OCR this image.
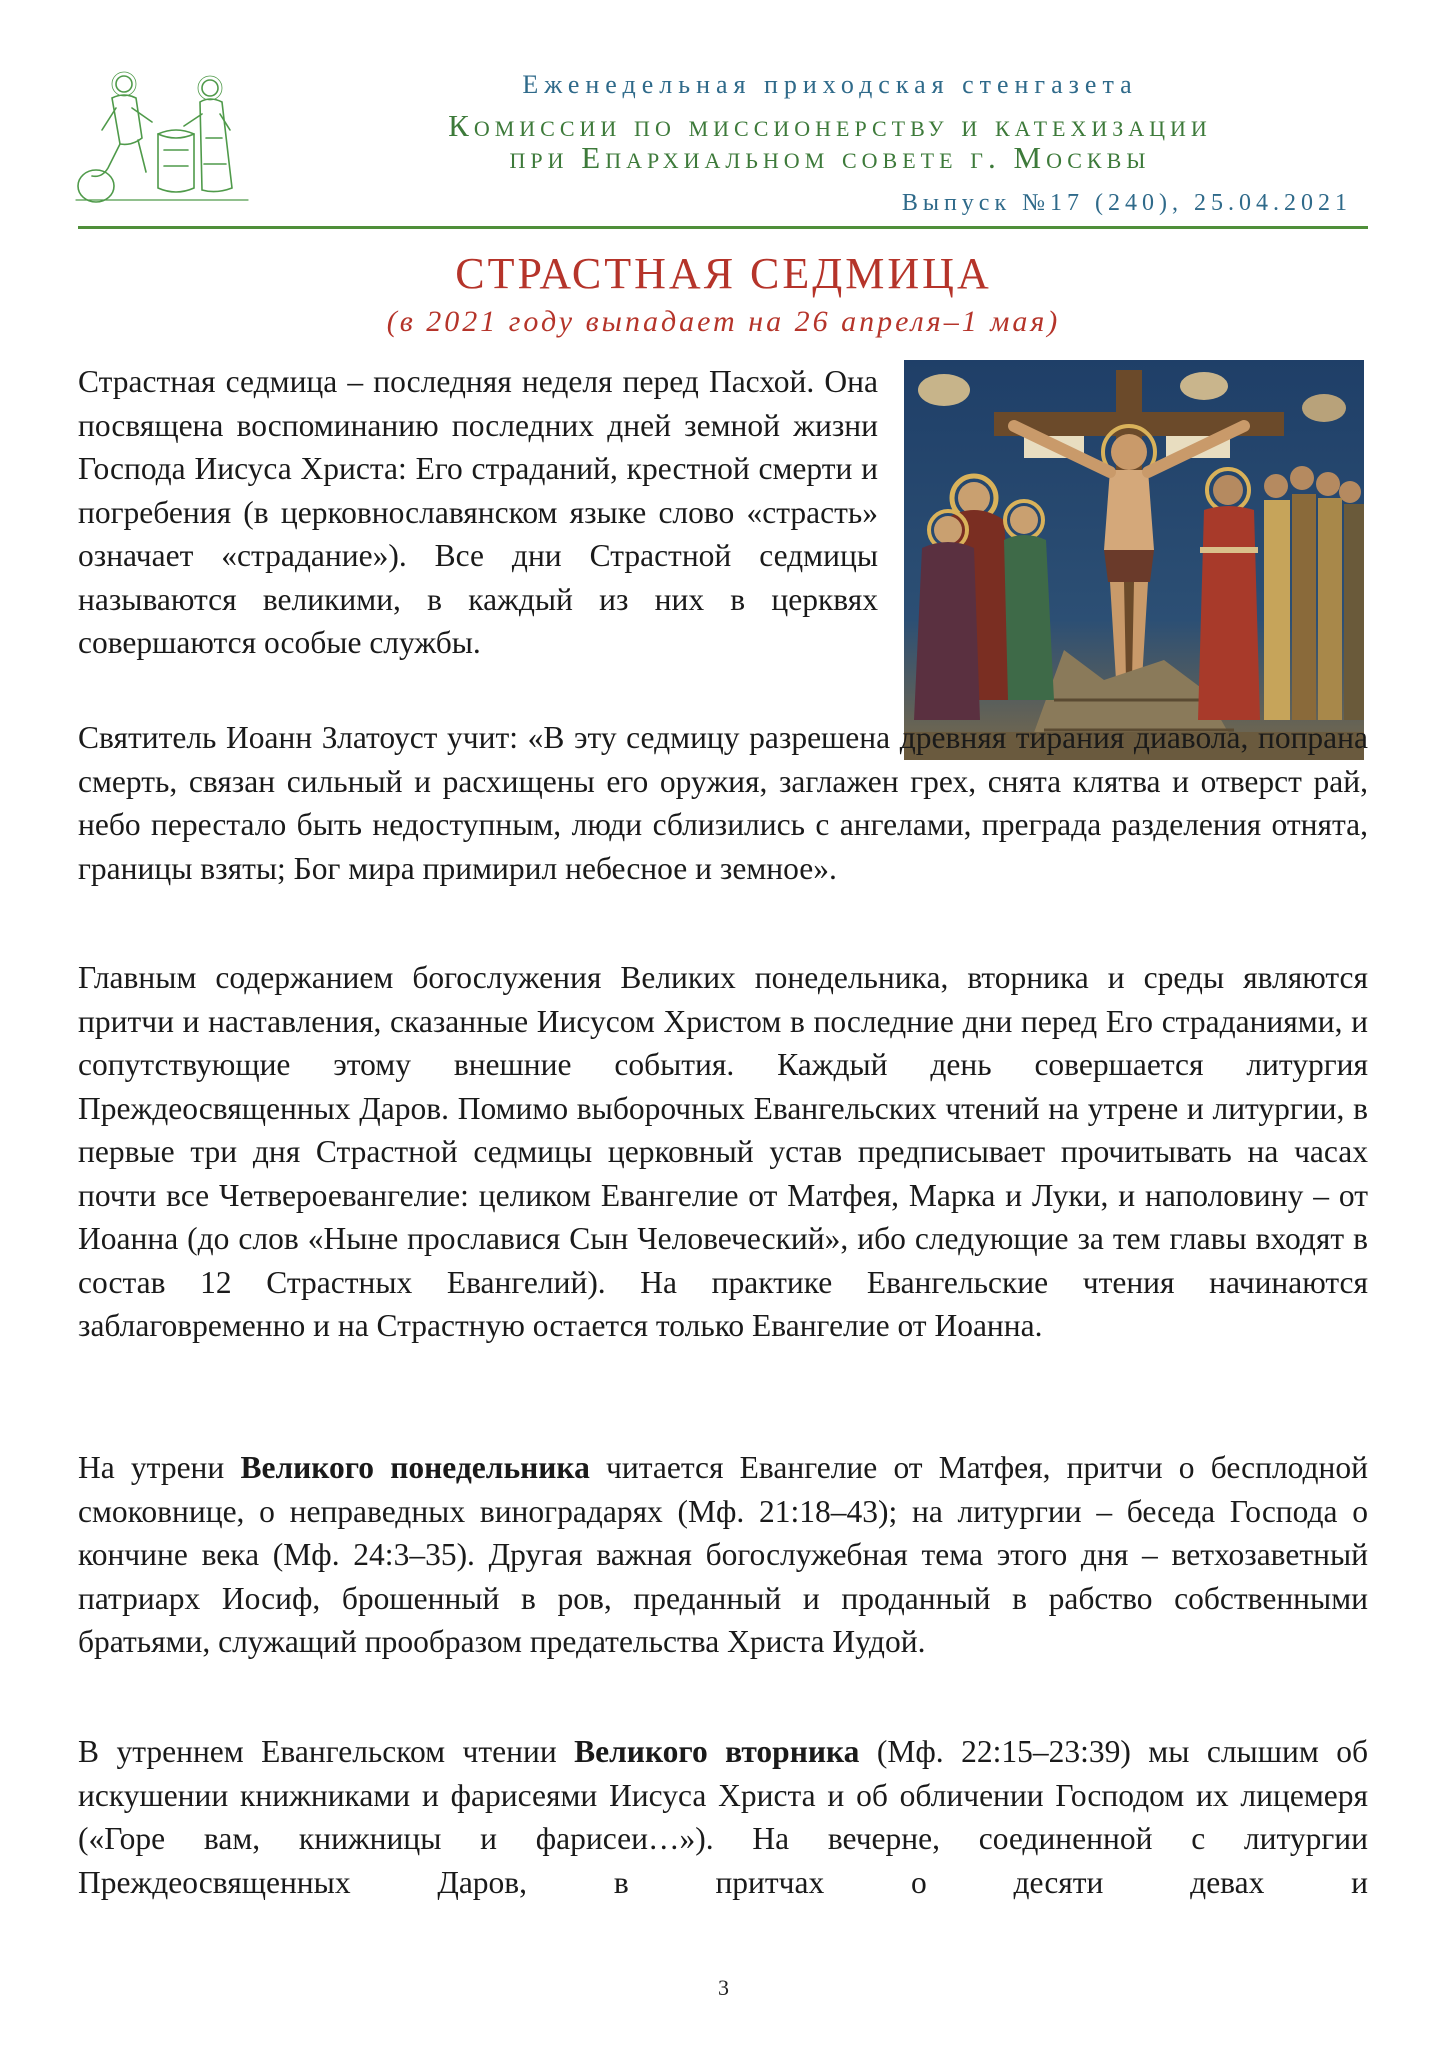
Еженедельная приходская стенгазета
Комиссии по миссионерству и катехизации
при Епархиальном совете г. Москвы
Выпуск №17 (240), 25.04.2021
СТРАСТНАЯ СЕДМИЦА
(в 2021 году выпадает на 26 апреля–1 мая)

Страстная седмица – последняя неделя перед Пасхой. Она посвящена воспоминанию последних дней земной жизни Господа Иисуса Христа: Его страданий, крестной смерти и погребения (в церковнославянском языке слово «страсть» означает «страдание»). Все дни Страстной седмицы называются великими, в каждый из них в церквях совершаются особые службы.

Святитель Иоанн Златоуст учит: «В эту седмицу разрешена древняя тирания диавола, попрана смерть, связан сильный и расхищены его оружия, заглажен грех, снята клятва и отверст рай, небо перестало быть недоступным, люди сблизились с ангелами, преграда разделения отнята, границы взяты; Бог мира примирил небесное и земное».

Главным содержанием богослужения Великих понедельника, вторника и среды являются притчи и наставления, сказанные Иисусом Христом в последние дни перед Его страданиями, и сопутствующие этому внешние события. Каждый день совершается литургия Преждеосвященных Даров. Помимо выборочных Евангельских чтений на утрене и литургии, в первые три дня Страстной седмицы церковный устав предписывает прочитывать на часах почти все Четвероевангелие: целиком Евангелие от Матфея, Марка и Луки, и наполовину – от Иоанна (до слов «Ныне прославися Сын Человеческий», ибо следующие за тем главы входят в состав 12 Страстных Евангелий). На практике Евангельские чтения начинаются заблаговременно и на Страстную остается только Евангелие от Иоанна.

На утрени Великого понедельника читается Евангелие от Матфея, притчи о бесплодной смоковнице, о неправедных виноградарях (Мф. 21:18–43); на литургии – беседа Господа о кончине века (Мф. 24:3–35). Другая важная богослужебная тема этого дня – ветхозаветный патриарх Иосиф, брошенный в ров, преданный и проданный в рабство собственными братьями, служащий прообразом предательства Христа Иудой.

В утреннем Евангельском чтении Великого вторника (Мф. 22:15–23:39) мы слышим об искушении книжниками и фарисеями Иисуса Христа и об обличении Господом их лицемеря («Горе вам, книжницы и фарисеи…»). На вечерне, соединенной с литургии Преждеосвященных Даров, в притчах о десяти девах и

3
